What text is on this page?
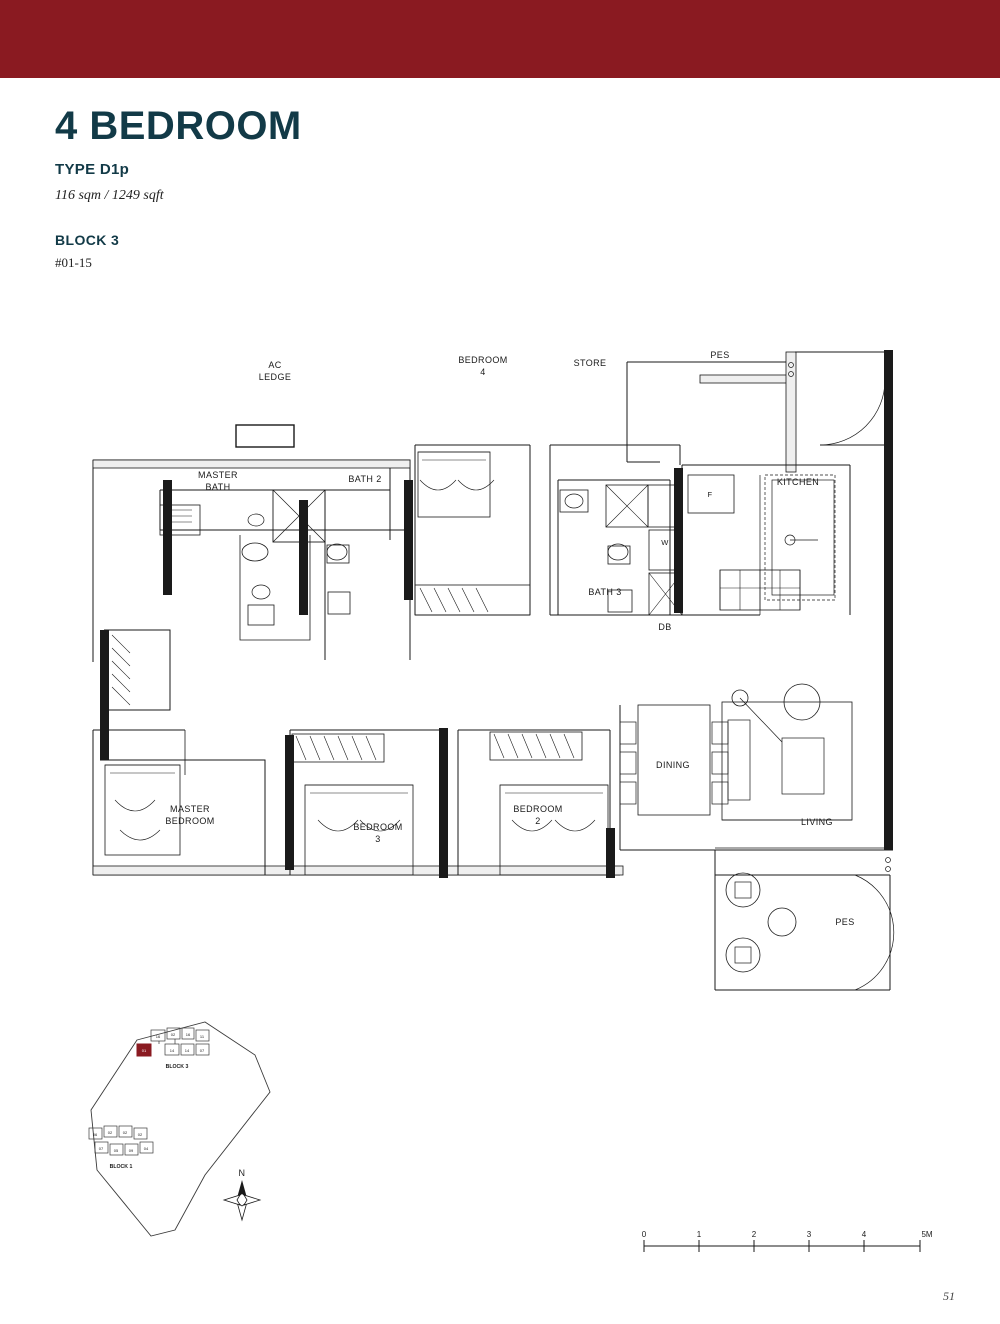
4 BEDROOM
TYPE D1p
116 sqm / 1249 sqft
BLOCK 3
#01-15
AC
LEDGE
MASTER
BATH
BATH 2
BEDROOM
4
STORE
PES
KITCHEN
F
W
BATH 3
DB
MASTER
BEDROOM
BEDROOM
3
BEDROOM
2
DINING
LIVING
PES
16	02	16 11
01	14	14	07
BLOCK 3
06	02	02	02
07	05	09	04
BLOCK 1
N
0	1	2	3	4	5M
51
